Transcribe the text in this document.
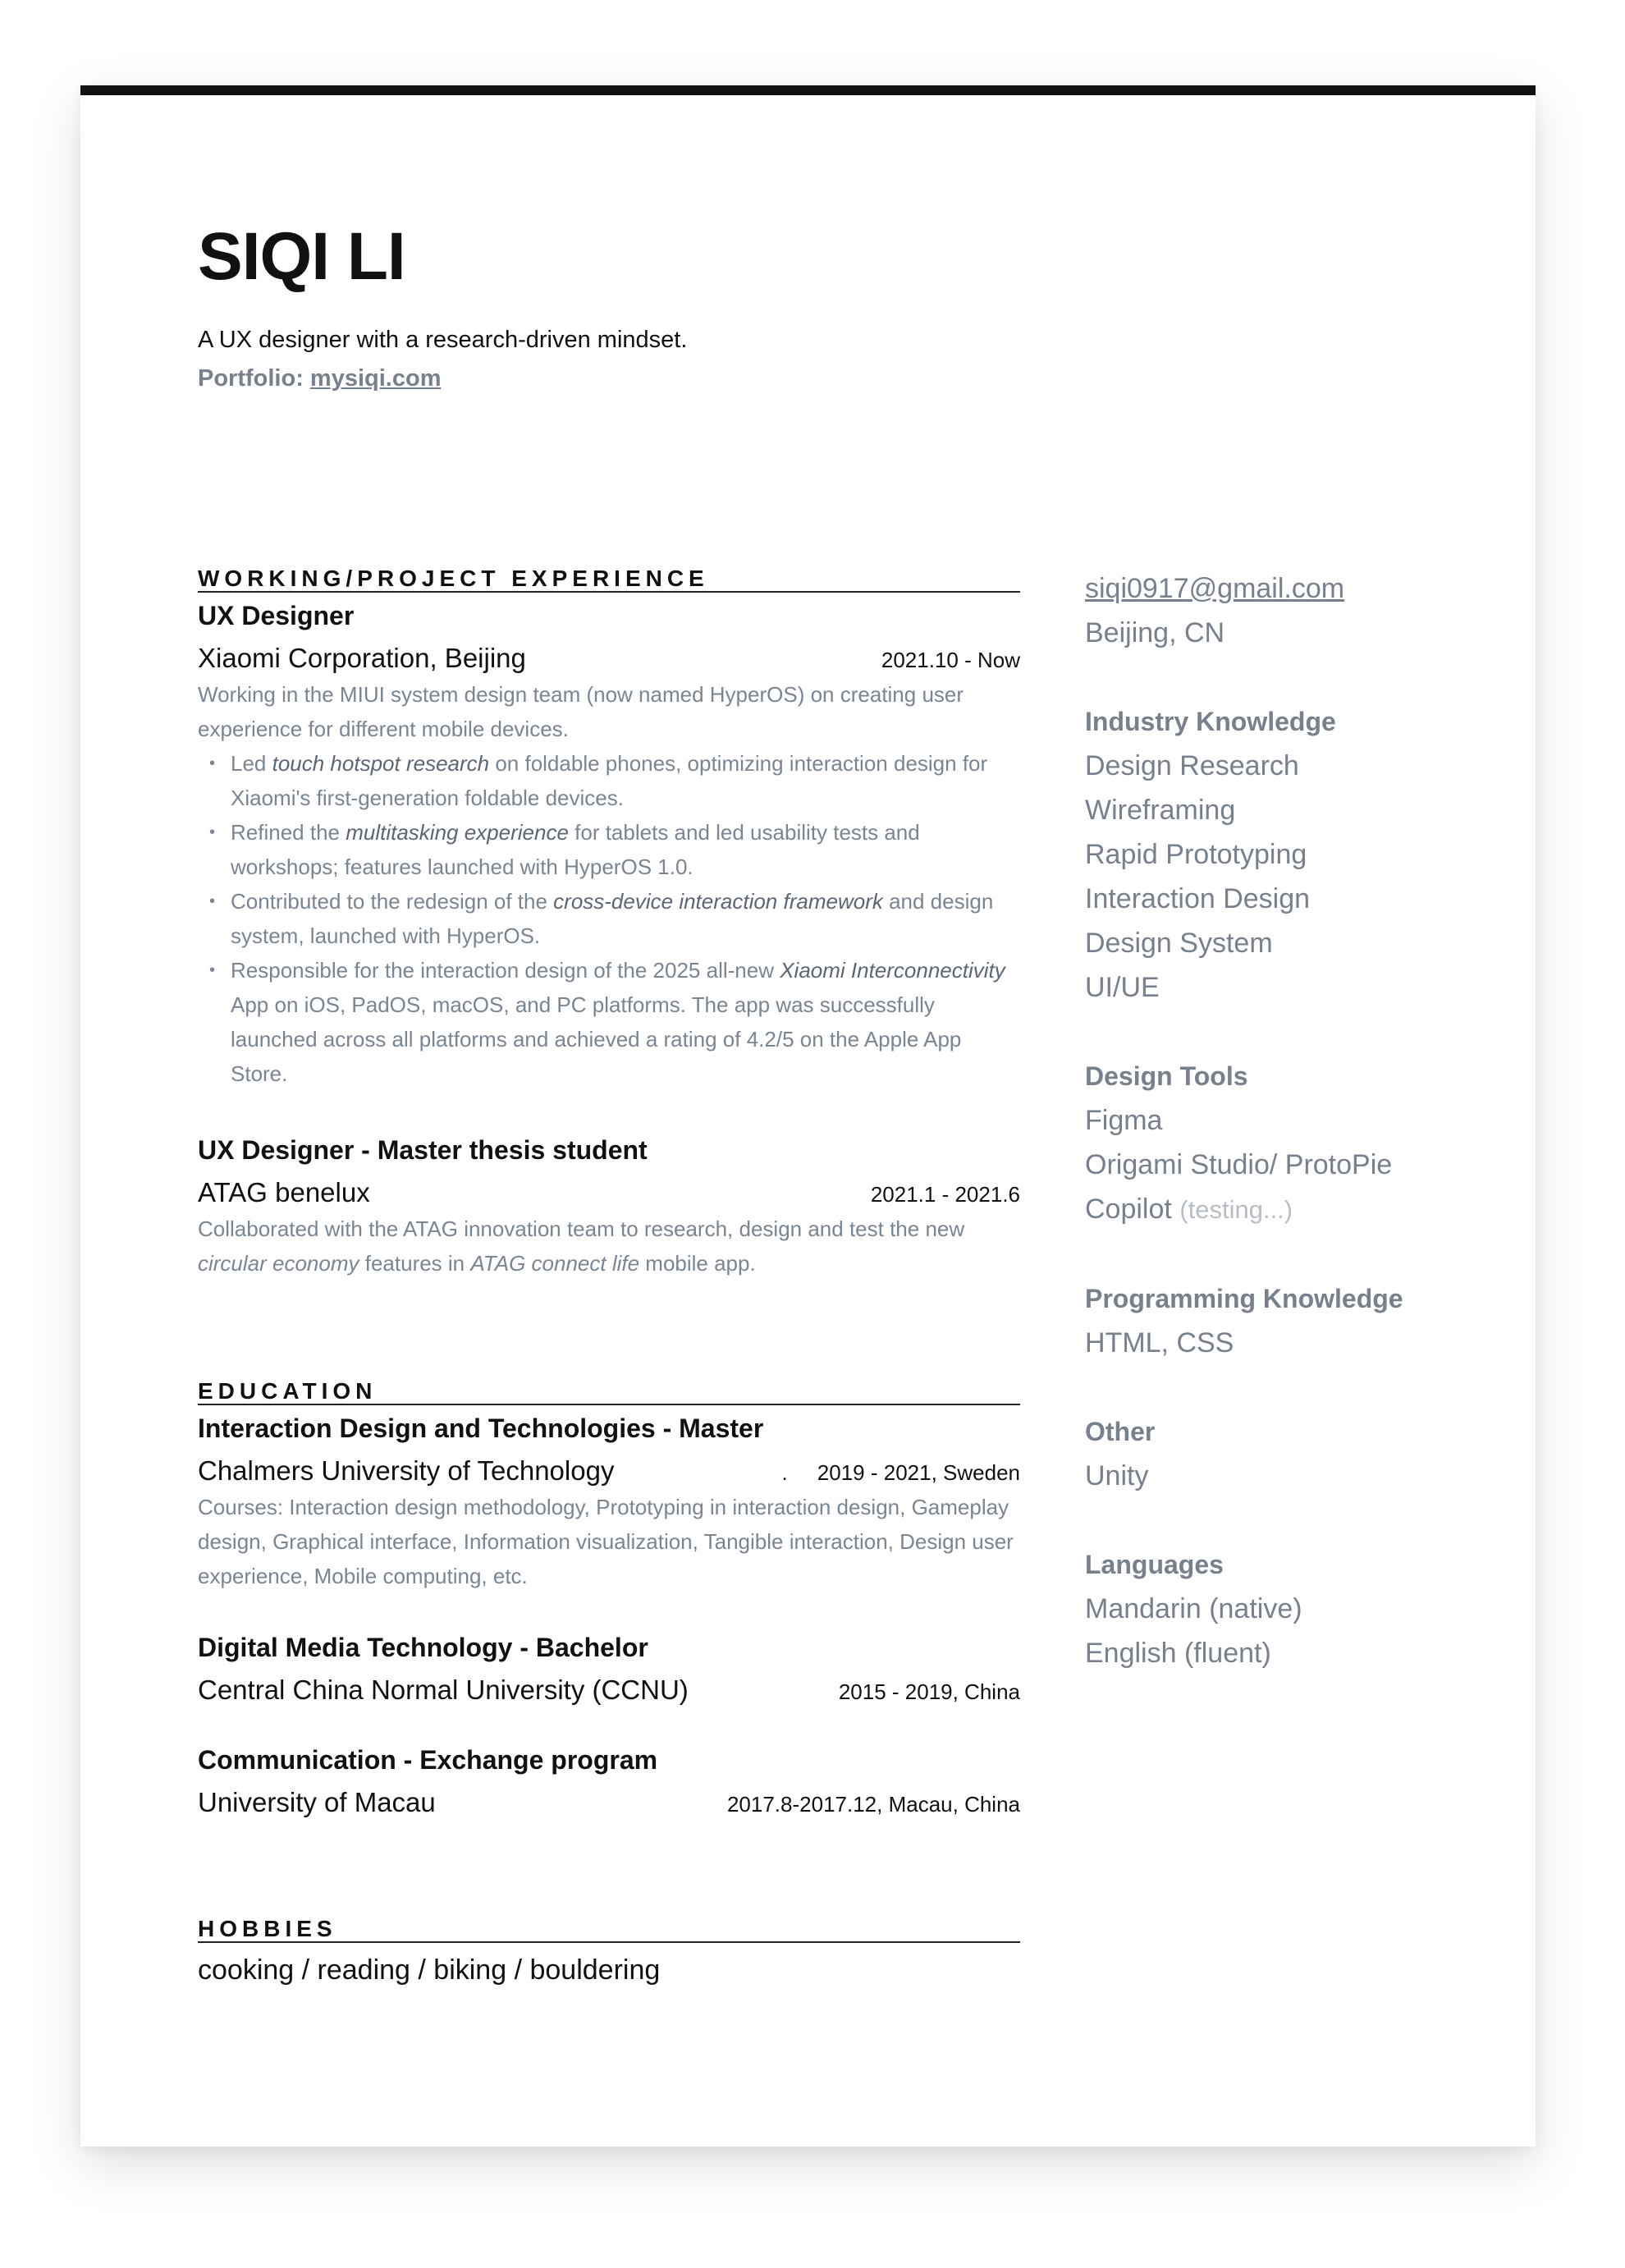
SIQI LI
A UX designer with a research-driven mindset.
Portfolio: mysiqi.com
WORKING/PROJECT EXPERIENCE
UX Designer
Xiaomi Corporation, Beijing	2021.10 - Now
Working in the MIUI system design team (now named HyperOS) on creating user experience for different mobile devices.
• Led touch hotspot research on foldable phones, optimizing interaction design for Xiaomi's first-generation foldable devices.
• Refined the multitasking experience for tablets and led usability tests and workshops; features launched with HyperOS 1.0.
• Contributed to the redesign of the cross-device interaction framework and design system, launched with HyperOS.
• Responsible for the interaction design of the 2025 all-new Xiaomi Interconnectivity App on iOS, PadOS, macOS, and PC platforms. The app was successfully launched across all platforms and achieved a rating of 4.2/5 on the Apple App Store.
UX Designer - Master thesis student
ATAG benelux	2021.1 - 2021.6
Collaborated with the ATAG innovation team to research, design and test the new circular economy features in ATAG connect life mobile app.
EDUCATION
Interaction Design and Technologies - Master
Chalmers University of Technology	.     2019 - 2021, Sweden
Courses: Interaction design methodology, Prototyping in interaction design, Gameplay design, Graphical interface, Information visualization, Tangible interaction, Design user experience, Mobile computing, etc.
Digital Media Technology - Bachelor
Central China Normal University (CCNU)	2015 - 2019, China
Communication - Exchange program
University of Macau	2017.8-2017.12, Macau, China
HOBBIES
cooking / reading / biking / bouldering
siqi0917@gmail.com
Beijing, CN
Industry Knowledge
Design Research
Wireframing
Rapid Prototyping
Interaction Design
Design System
UI/UE
Design Tools
Figma
Origami Studio/ ProtoPie
Copilot (testing...)
Programming Knowledge
HTML, CSS
Other
Unity
Languages
Mandarin (native)
English (fluent)
